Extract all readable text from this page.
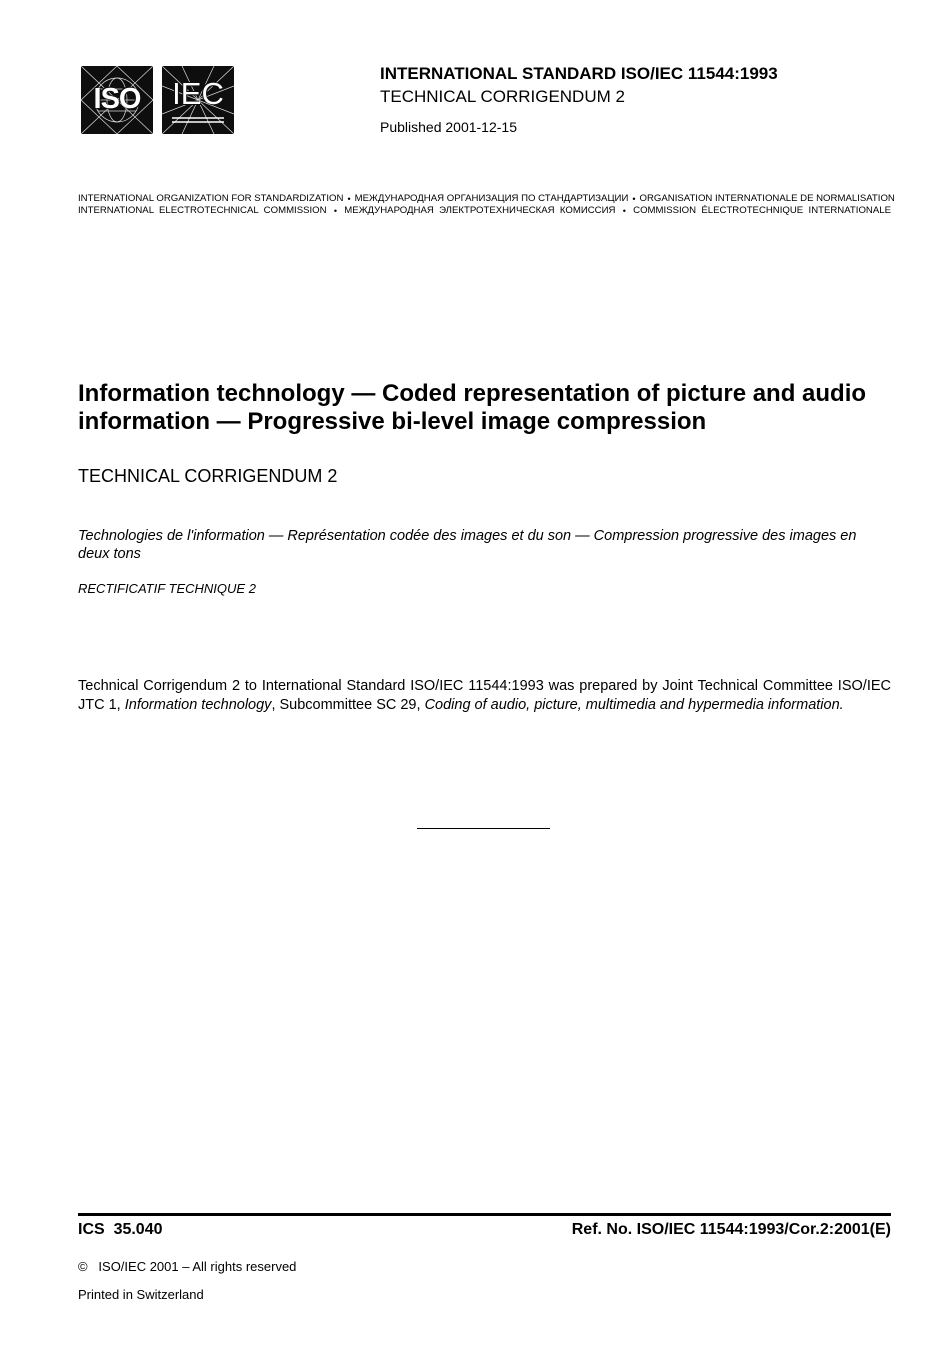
ISO	IEC
INTERNATIONAL STANDARD ISO/IEC 11544:1993
TECHNICAL CORRIGENDUM 2
Published 2001-12-15
INTERNATIONAL ORGANIZATION FOR STANDARDIZATION • МЕЖДУНАРОДНАЯ ОРГАНИЗАЦИЯ ПО СТАНДАРТИЗАЦИИ • ORGANISATION INTERNATIONALE DE NORMALISATION
INTERNATIONAL  ELECTROTECHNICAL  COMMISSION • МЕЖДУНАРОДНАЯ  ЭЛЕКТРОТЕХНИЧЕСКАЯ  КОМИССИЯ • COMMISSION  ÉLECTROTECHNIQUE  INTERNATIONALE
Information technology — Coded representation of picture and audio information — Progressive bi-level image compression
TECHNICAL CORRIGENDUM 2
Technologies de l'information — Représentation codée des images et du son — Compression progressive des images en deux tons
RECTIFICATIF TECHNIQUE 2
Technical Corrigendum 2 to International Standard ISO/IEC 11544:1993 was prepared by Joint Technical Committee ISO/IEC JTC 1, Information technology, Subcommittee SC 29, Coding of audio, picture, multimedia and hypermedia information.
ICS  35.040	Ref. No. ISO/IEC 11544:1993/Cor.2:2001(E)
©   ISO/IEC 2001 – All rights reserved
Printed in Switzerland
